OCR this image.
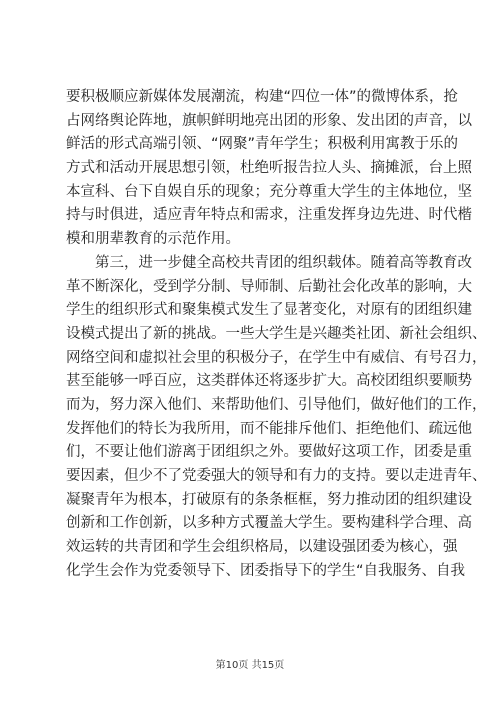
要积极顺应新媒体发展潮流，构建“四位一体”的微博体系，抢
占网络舆论阵地，旗帜鲜明地亮出团的形象、发出团的声音，以
鲜活的形式高端引领、“网聚”青年学生；积极利用寓教于乐的
方式和活动开展思想引领，杜绝听报告拉人头、摘摊派，台上照
本宣科、台下自娱自乐的现象；充分尊重大学生的主体地位，坚
持与时俱进，适应青年特点和需求，注重发挥身边先进、时代楷
模和朋辈教育的示范作用。
第三，进一步健全高校共青团的组织载体。随着高等教育改
革不断深化，受到学分制、导师制、后勤社会化改革的影响，大
学生的组织形式和聚集模式发生了显著变化，对原有的团组织建
设模式提出了新的挑战。一些大学生是兴趣类社团、新社会组织、
网络空间和虚拟社会里的积极分子，在学生中有威信、有号召力，
甚至能够一呼百应，这类群体还将逐步扩大。高校团组织要顺势
而为，努力深入他们、来帮助他们、引导他们，做好他们的工作，
发挥他们的特长为我所用，而不能排斥他们、拒绝他们、疏远他
们，不要让他们游离于团组织之外。要做好这项工作，团委是重
要因素，但少不了党委强大的领导和有力的支持。要以走进青年、
凝聚青年为根本，打破原有的条条框框，努力推动团的组织建设
创新和工作创新，以多种方式覆盖大学生。要构建科学合理、高
效运转的共青团和学生会组织格局，以建设强团委为核心，强
化学生会作为党委领导下、团委指导下的学生“自我服务、自我
第10页 共15页
